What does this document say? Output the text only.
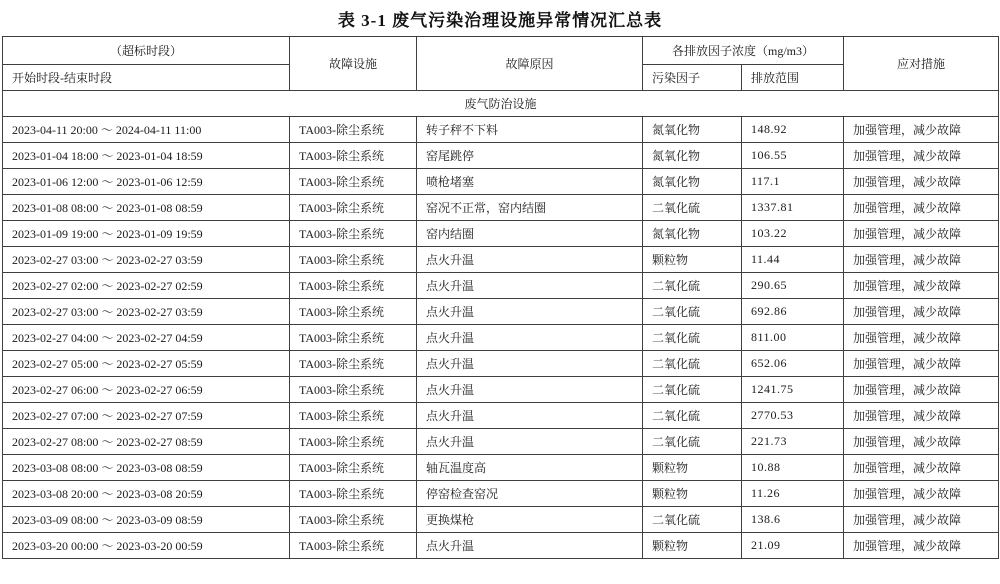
表 3-1 废气污染治理设施异常情况汇总表
（超标时段）	故障设施	故障原因	各排放因子浓度（mg/m3）		应对措施
开始时段-结束时段			污染因子	排放范围	
废气防治设施					
2023-04-11 20:00 ～ 2024-04-11 11:00	TA003-除尘系统	转子秤不下料	氮氧化物	148.92	加强管理，减少故障
2023-01-04 18:00 ～ 2023-01-04 18:59	TA003-除尘系统	窑尾跳停	氮氧化物	106.55	加强管理，减少故障
2023-01-06 12:00 ～ 2023-01-06 12:59	TA003-除尘系统	喷枪堵塞	氮氧化物	117.1	加强管理，减少故障
2023-01-08 08:00 ～ 2023-01-08 08:59	TA003-除尘系统	窑况不正常，窑内结圈	二氧化硫	1337.81	加强管理，减少故障
2023-01-09 19:00 ～ 2023-01-09 19:59	TA003-除尘系统	窑内结圈	氮氧化物	103.22	加强管理，减少故障
2023-02-27 03:00 ～ 2023-02-27 03:59	TA003-除尘系统	点火升温	颗粒物	11.44	加强管理，减少故障
2023-02-27 02:00 ～ 2023-02-27 02:59	TA003-除尘系统	点火升温	二氧化硫	290.65	加强管理，减少故障
2023-02-27 03:00 ～ 2023-02-27 03:59	TA003-除尘系统	点火升温	二氧化硫	692.86	加强管理，减少故障
2023-02-27 04:00 ～ 2023-02-27 04:59	TA003-除尘系统	点火升温	二氧化硫	811.00	加强管理，减少故障
2023-02-27 05:00 ～ 2023-02-27 05:59	TA003-除尘系统	点火升温	二氧化硫	652.06	加强管理，减少故障
2023-02-27 06:00 ～ 2023-02-27 06:59	TA003-除尘系统	点火升温	二氧化硫	1241.75	加强管理，减少故障
2023-02-27 07:00 ～ 2023-02-27 07:59	TA003-除尘系统	点火升温	二氧化硫	2770.53	加强管理，减少故障
2023-02-27 08:00 ～ 2023-02-27 08:59	TA003-除尘系统	点火升温	二氧化硫	221.73	加强管理，减少故障
2023-03-08 08:00 ～ 2023-03-08 08:59	TA003-除尘系统	轴瓦温度高	颗粒物	10.88	加强管理，减少故障
2023-03-08 20:00 ～ 2023-03-08 20:59	TA003-除尘系统	停窑检查窑况	颗粒物	11.26	加强管理，减少故障
2023-03-09 08:00 ～ 2023-03-09 08:59	TA003-除尘系统	更换煤枪	二氧化硫	138.6	加强管理，减少故障
2023-03-20 00:00 ～ 2023-03-20 00:59	TA003-除尘系统	点火升温	颗粒物	21.09	加强管理，减少故障
